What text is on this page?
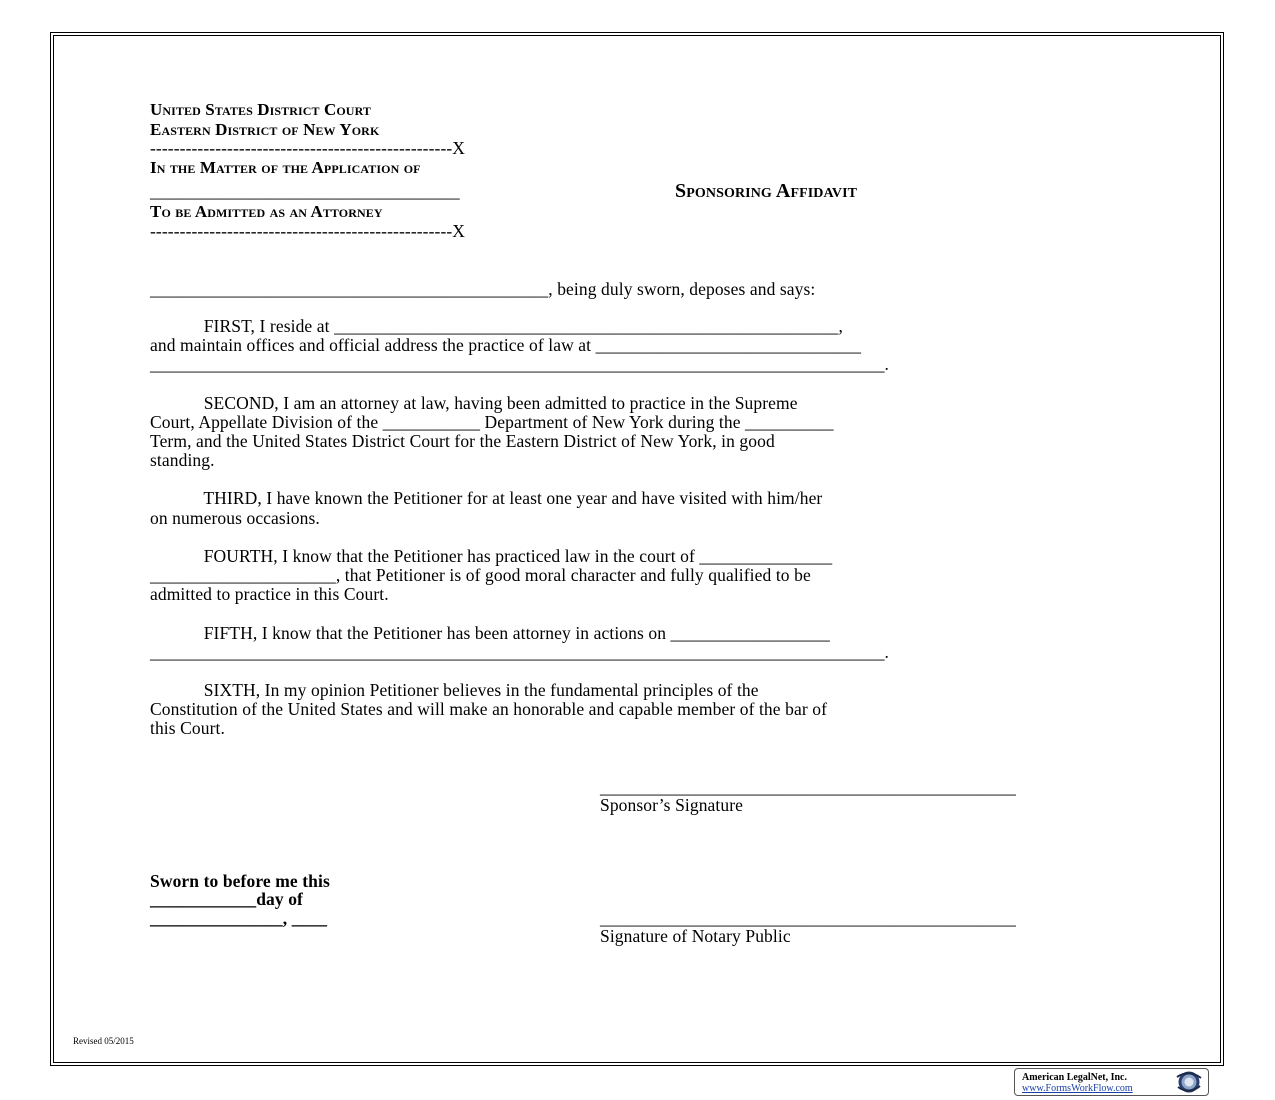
United States District Court
Eastern District of New York
---------------------------------------------------X
In the Matter of the Application of
___________________________________
To be Admitted as an Attorney
---------------------------------------------------X
Sponsoring Affidavit
_____________________________________________, being duly sworn, deposes and says:
FIRST, I reside at _________________________________________________________,
and maintain offices and official address the practice of law at ______________________________
___________________________________________________________________________________.
SECOND, I am an attorney at law, having been admitted to practice in the Supreme
Court, Appellate Division of the ___________ Department of New York during the __________
Term, and the United States District Court for the Eastern District of New York, in good
standing.
THIRD, I have known the Petitioner for at least one year and have visited with him/her
on numerous occasions.
FOURTH, I know that the Petitioner has practiced law in the court of _______________
_____________________, that Petitioner is of good moral character and fully qualified to be
admitted to practice in this Court.
FIFTH, I know that the Petitioner has been attorney in actions on __________________
___________________________________________________________________________________.
SIXTH, In my opinion Petitioner believes in the fundamental principles of the
Constitution of the United States and will make an honorable and capable member of the bar of
this Court.
_______________________________________________
Sponsor’s Signature
Sworn to before me this
____________day of
_______________, ____	_______________________________________________
Signature of Notary Public
Revised 05/2015
American LegalNet, Inc.
www.FormsWorkFlow.com
